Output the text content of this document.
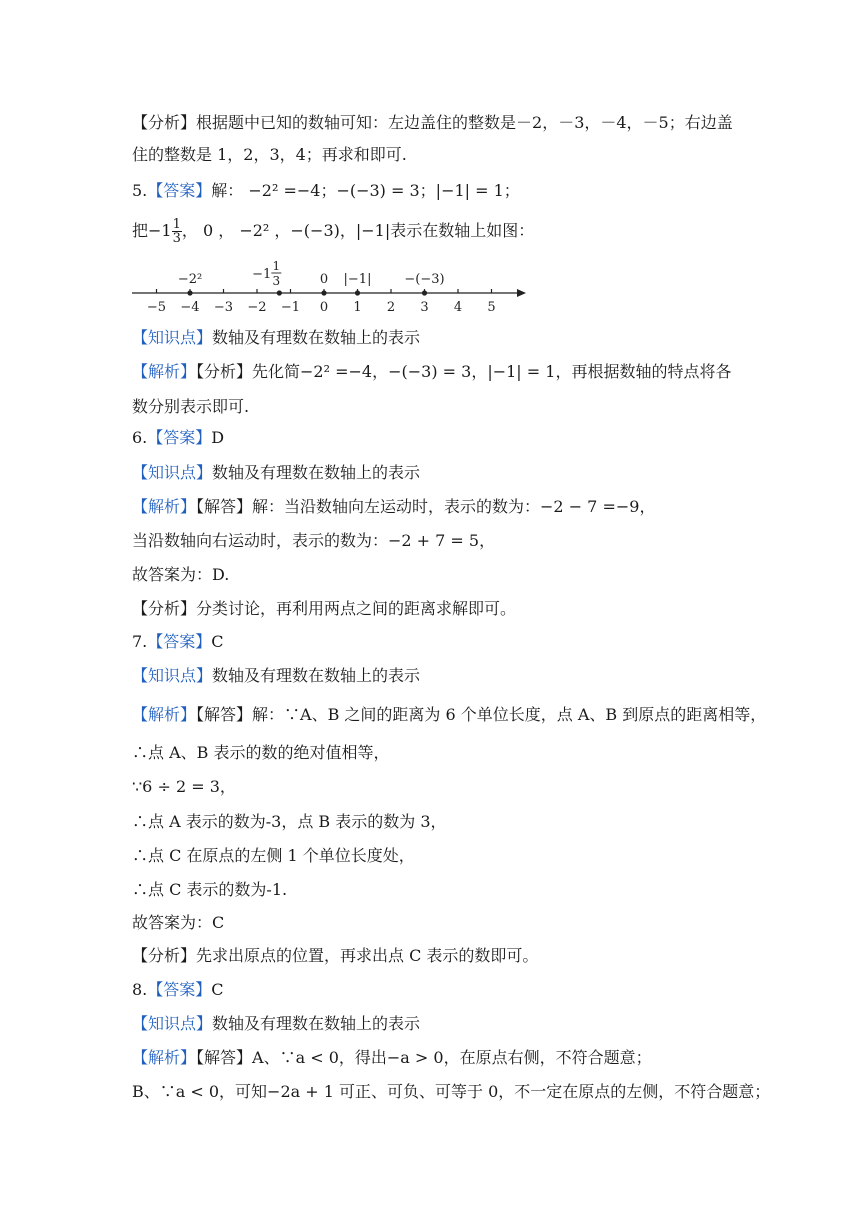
【分析】根据题中已知的数轴可知：左边盖住的整数是－2，－3，－4，－5；右边盖
住的整数是 1，2，3，4；再求和即可.
5.【答案】解： −2² =−4；−(−3) = 3；|−1| = 1；
把$-1 \frac{1}{3}$ ， 0 ， −2² ，−(−3)，|−1|表示在数轴上如图：
−5 −4 −3 −2 −1 0 1 2 3 4 5
−2²	−1
1
3	0 |−1|	−(−3)
【知识点】数轴及有理数在数轴上的表示
【解析】【分析】先化简−2² =−4，−(−3) = 3，|−1| = 1，再根据数轴的特点将各
数分别表示即可.
6.【答案】D
【知识点】数轴及有理数在数轴上的表示
【解析】【解答】解：当沿数轴向左运动时，表示的数为：−2 − 7 =−9，
当沿数轴向右运动时，表示的数为：−2 + 7 = 5，
故答案为：D.
【分析】分类讨论，再利用两点之间的距离求解即可。
7.【答案】C
【知识点】数轴及有理数在数轴上的表示
【解析】【解答】解：∵A、B 之间的距离为 6 个单位长度，点 A、B 到原点的距离相等，
∴点 A、B 表示的数的绝对值相等，
∵6 ÷ 2 = 3，
∴点 A 表示的数为-3，点 B 表示的数为 3，
∴点 C 在原点的左侧 1 个单位长度处，
∴点 C 表示的数为-1.
故答案为：C
【分析】先求出原点的位置，再求出点 C 表示的数即可。
8.【答案】C
【知识点】数轴及有理数在数轴上的表示
【解析】【解答】A、∵a < 0，得出−a > 0，在原点右侧，不符合题意；
B、∵a < 0，可知−2a + 1 可正、可负、可等于 0，不一定在原点的左侧，不符合题意；
